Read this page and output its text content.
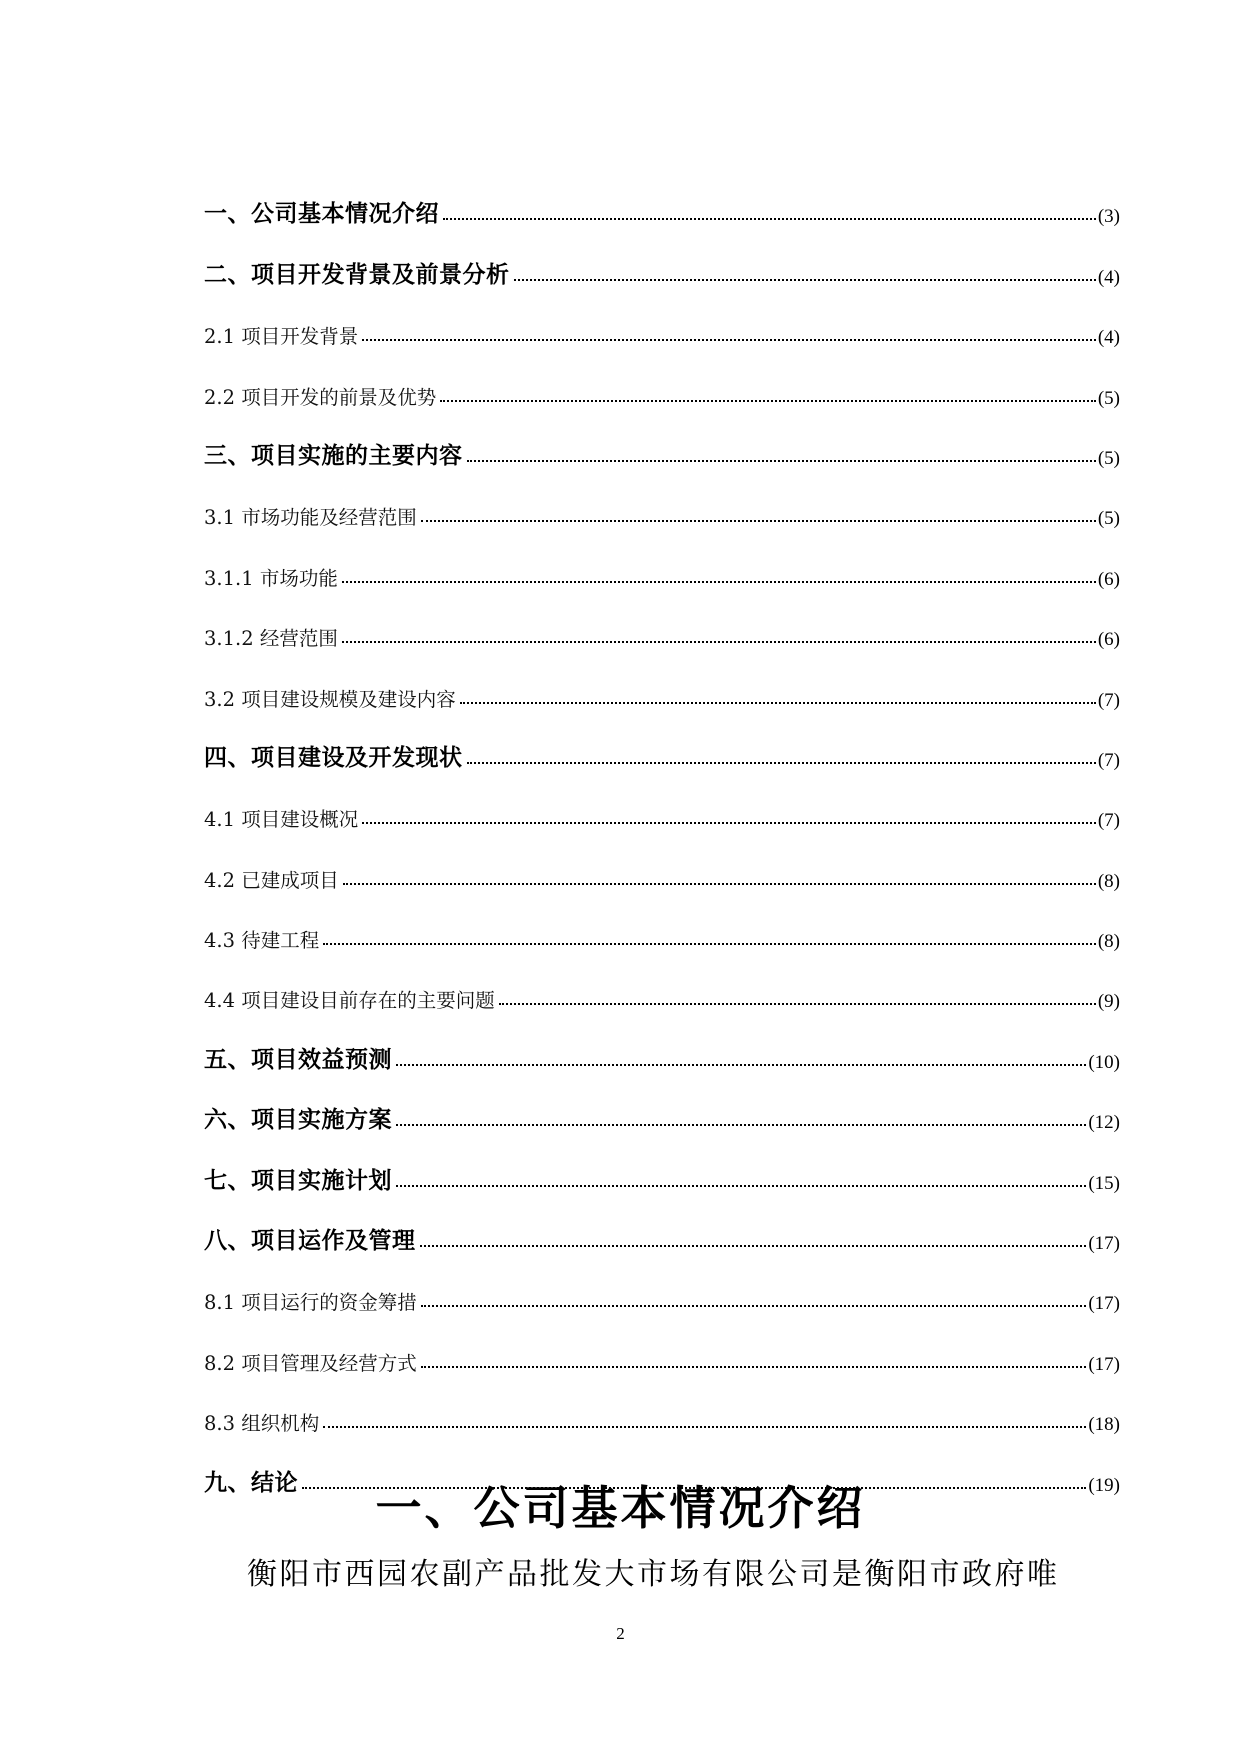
一、公司基本情况介绍	(3)
二、项目开发背景及前景分析	(4)
2.1 项目开发背景	(4)
2.2 项目开发的前景及优势	(5)
三、项目实施的主要内容	(5)
3.1 市场功能及经营范围	(5)
3.1.1 市场功能	(6)
3.1.2 经营范围	(6)
3.2 项目建设规模及建设内容	(7)
四、项目建设及开发现状	(7)
4.1 项目建设概况	(7)
4.2 已建成项目	(8)
4.3 待建工程	(8)
4.4 项目建设目前存在的主要问题	(9)
五、项目效益预测	(10)
六、项目实施方案	(12)
七、项目实施计划	(15)
八、项目运作及管理	(17)
8.1 项目运行的资金筹措	(17)
8.2 项目管理及经营方式	(17)
8.3 组织机构	(18)
九、结论	(19)
一、公司基本情况介绍
衡阳市西园农副产品批发大市场有限公司是衡阳市政府唯
2
